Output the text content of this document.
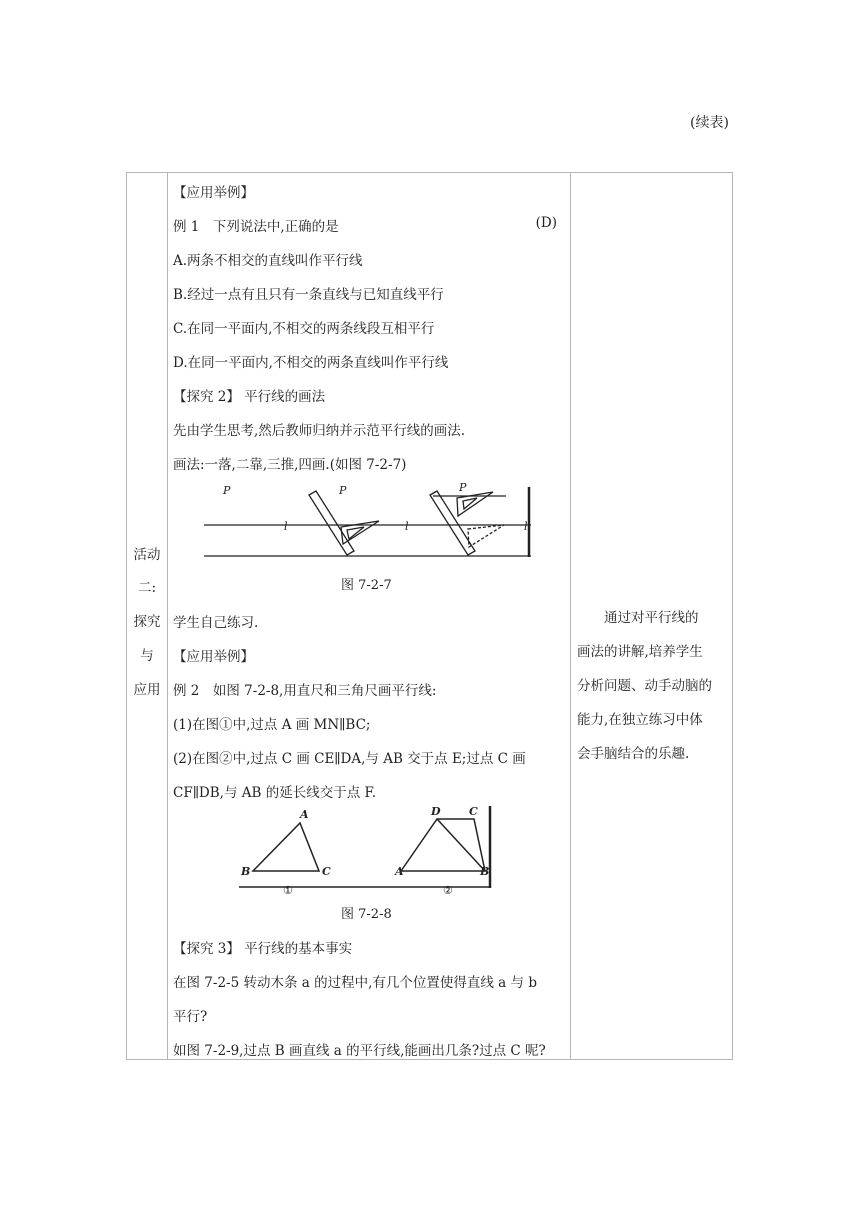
(续表)
活动
二:
探究
与
应用
【应用举例】
例 1　下列说法中,正确的是	(D)
A.两条不相交的直线叫作平行线
B.经过一点有且只有一条直线与已知直线平行
C.在同一平面内,不相交的两条线段互相平行
D.在同一平面内,不相交的两条直线叫作平行线
【探究 2】 平行线的画法
先由学生思考,然后教师归纳并示范平行线的画法.
画法:一落,二靠,三推,四画.(如图 7-2-7)
P	P	P
l	l	l
图 7-2-7
学生自己练习.
【应用举例】
例 2　如图 7-2-8,用直尺和三角尺画平行线:
(1)在图①中,过点 A 画 MN∥BC;
(2)在图②中,过点 C 画 CE∥DA,与 AB 交于点 E;过点 C 画
CF∥DB,与 AB 的延长线交于点 F.
A
B	C	A
D	C
B
①	②
图 7-2-8
【探究 3】 平行线的基本事实
在图 7-2-5 转动木条 a 的过程中,有几个位置使得直线 a 与 b
平行?
如图 7-2-9,过点 B 画直线 a 的平行线,能画出几条?过点 C 呢?
　　通过对平行线的
画法的讲解,培养学生
分析问题、动手动脑的
能力,在独立练习中体
会手脑结合的乐趣.
